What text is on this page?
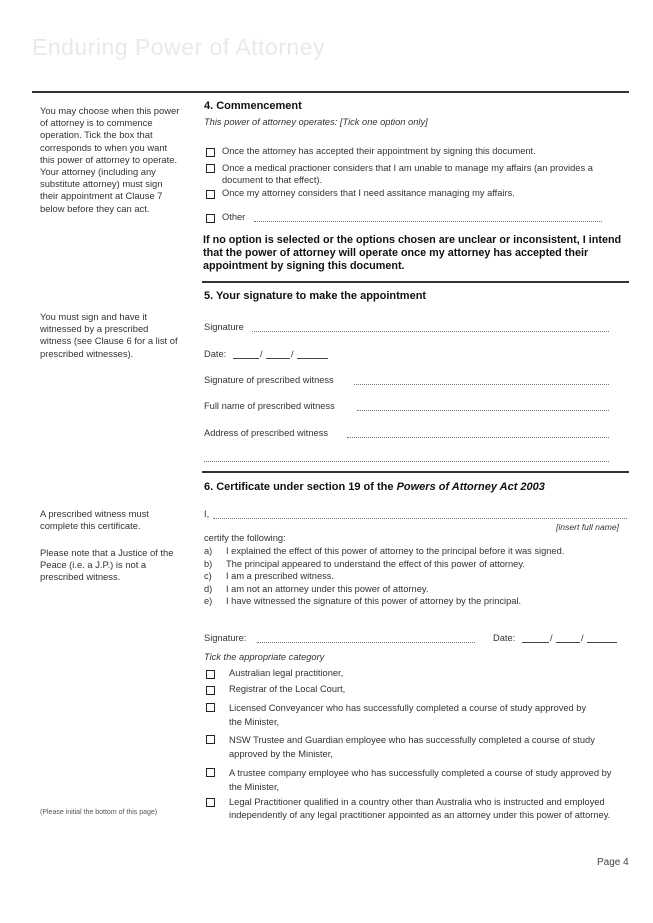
Enduring Power of Attorney
You may choose when this power of attorney is to commence operation. Tick the box that corresponds to when you want this power of attorney to operate. Your attorney (including any substitute attorney) must sign their appointment at Clause 7 below before they can act.
You must sign and have it witnessed by a prescribed witness (see Clause 6 for a list of prescribed witnesses).
A prescribed witness must complete this certificate.
Please note that a Justice of the Peace (i.e. a J.P.) is not a prescribed witness.
(Please initial the bottom of this page)
4. Commencement
This power of attorney operates: [Tick one option only]
Once the attorney has accepted their appointment by signing this document.
Once a medical practioner considers that I am unable to manage my affairs (an provides a document to that effect).
Once my attorney considers that I need assitance managing my affairs.
Other
If no option is selected or the options chosen are unclear or inconsistent, I intend that the power of attorney will operate once my attorney has accepted their appointment by signing this document.
5. Your signature to make the appointment
Signature
Date:	/	/
Signature of prescribed witness
Full name of prescribed witness
Address of prescribed witness
6. Certificate under section 19 of the Powers of Attorney Act 2003
I,
[insert full name]
certify the following:
a)	I explained the effect of this power of attorney to the principal before it was signed.
b)	The principal appeared to understand the effect of this power of attorney.
c)	I am a prescribed witness.
d)	I am not an attorney under this power of attorney.
e)	I have witnessed the signature of this power of attorney by the principal.
Signature:	Date:	/	/
Tick the appropriate category
Australian legal practitioner,
Registrar of the Local Court,
Licensed Conveyancer who has successfully completed a course of study approved by the Minister,
NSW Trustee and Guardian employee who has successfully completed a course of study approved by the Minister,
A trustee company employee who has successfully completed a course of study approved by the Minister,
Legal Practitioner qualified in a country other than Australia who is instructed and employed independently of any legal practitioner appointed as an attorney under this power of attorney.
Page 4
